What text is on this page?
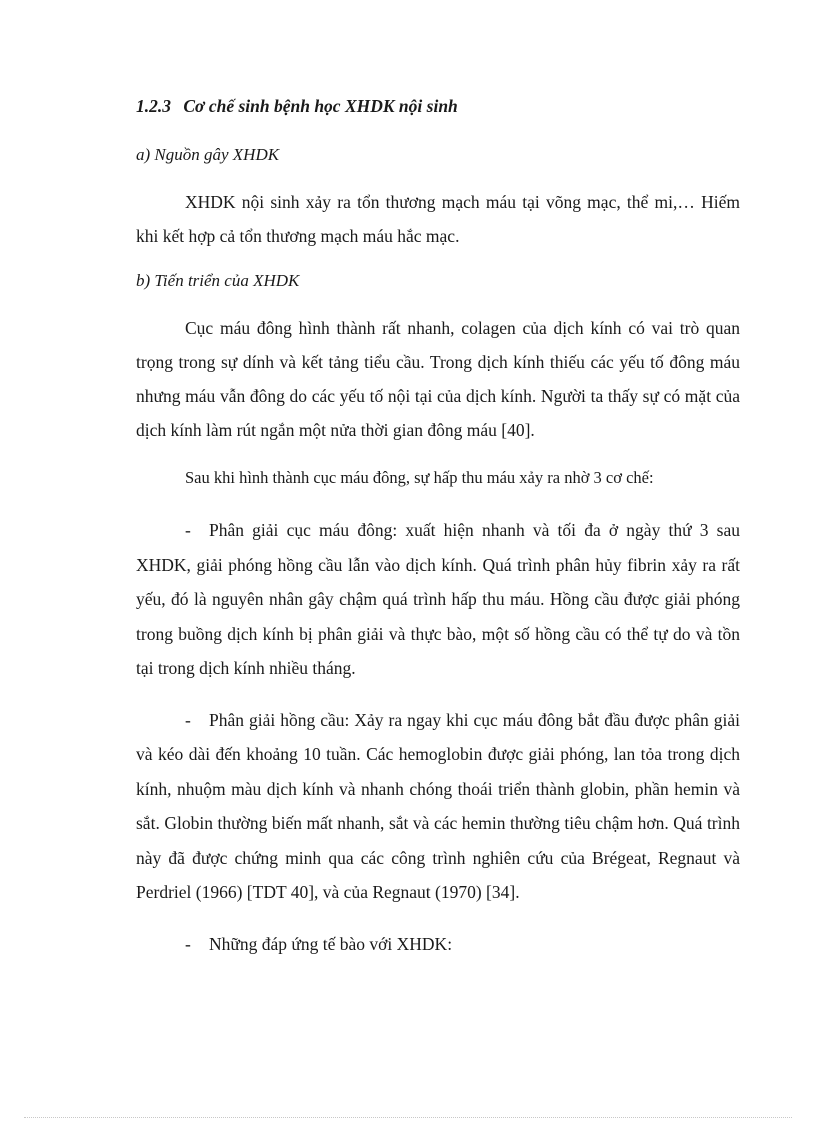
1.2.3 Cơ chế sinh bệnh học XHDK nội sinh
a) Nguồn gây XHDK

XHDK nội sinh xảy ra tổn thương mạch máu tại võng mạc, thể mi,… Hiếm khi kết hợp cả tổn thương mạch máu hắc mạc.

b) Tiến triển của XHDK

Cục máu đông hình thành rất nhanh, colagen của dịch kính có vai trò quan trọng trong sự dính và kết tảng tiểu cầu. Trong dịch kính thiếu các yếu tố đông máu nhưng máu vẫn đông do các yếu tố nội tại của dịch kính. Người ta thấy sự có mặt của dịch kính làm rút ngắn một nửa thời gian đông máu [40].

Sau khi hình thành cục máu đông, sự hấp thu máu xảy ra nhờ 3 cơ chế:

- Phân giải cục máu đông: xuất hiện nhanh và tối đa ở ngày thứ 3 sau XHDK, giải phóng hồng cầu lẫn vào dịch kính. Quá trình phân hủy fibrin xảy ra rất yếu, đó là nguyên nhân gây chậm quá trình hấp thu máu. Hồng cầu được giải phóng trong buồng dịch kính bị phân giải và thực bào, một số hồng cầu có thể tự do và tồn tại trong dịch kính nhiều tháng.

- Phân giải hồng cầu: Xảy ra ngay khi cục máu đông bắt đầu được phân giải và kéo dài đến khoảng 10 tuần. Các hemoglobin được giải phóng, lan tỏa trong dịch kính, nhuộm màu dịch kính và nhanh chóng thoái triển thành globin, phần hemin và sắt. Globin thường biến mất nhanh, sắt và các hemin thường tiêu chậm hơn. Quá trình này đã được chứng minh qua các công trình nghiên cứu của Brégeat, Regnaut và Perdriel (1966) [TDT 40], và của Regnaut (1970) [34].

- Những đáp ứng tế bào với XHDK:
